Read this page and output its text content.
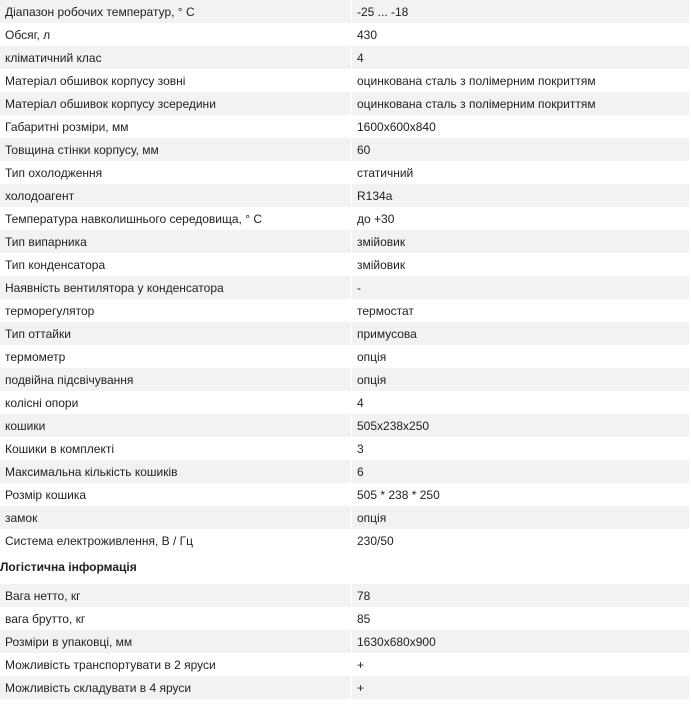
Діапазон робочих температур, ° С	-25 ... -18
Обсяг, л	430
кліматичний клас	4
Матеріал обшивок корпусу зовні	оцинкована сталь з полімерним покриттям
Матеріал обшивок корпусу зсередини	оцинкована сталь з полімерним покриттям
Габаритні розміри, мм	1600х600х840
Товщина стінки корпусу, мм	60
Тип охолодження	статичний
холодоагент	R134a
Температура навколишнього середовища, ° С	до +30
Тип випарника	змійовик
Тип конденсатора	змійовик
Наявність вентилятора у конденсатора	-
терморегулятор	термостат
Тип оттайки	примусова
термометр	опція
подвійна підсвічування	опція
колісні опори	4
кошики	505x238x250
Кошики в комплекті	3
Максимальна кількість кошиків	6
Розмір кошика	505 * 238 * 250
замок	опція
Система електроживлення, В / Гц	230/50
Логістична інформація
Вага нетто, кг	78
вага брутто, кг	85
Розміри в упаковці, мм	1630х680х900
Можливість транспортувати в 2 яруси	+
Можливість складувати в 4 яруси	+
